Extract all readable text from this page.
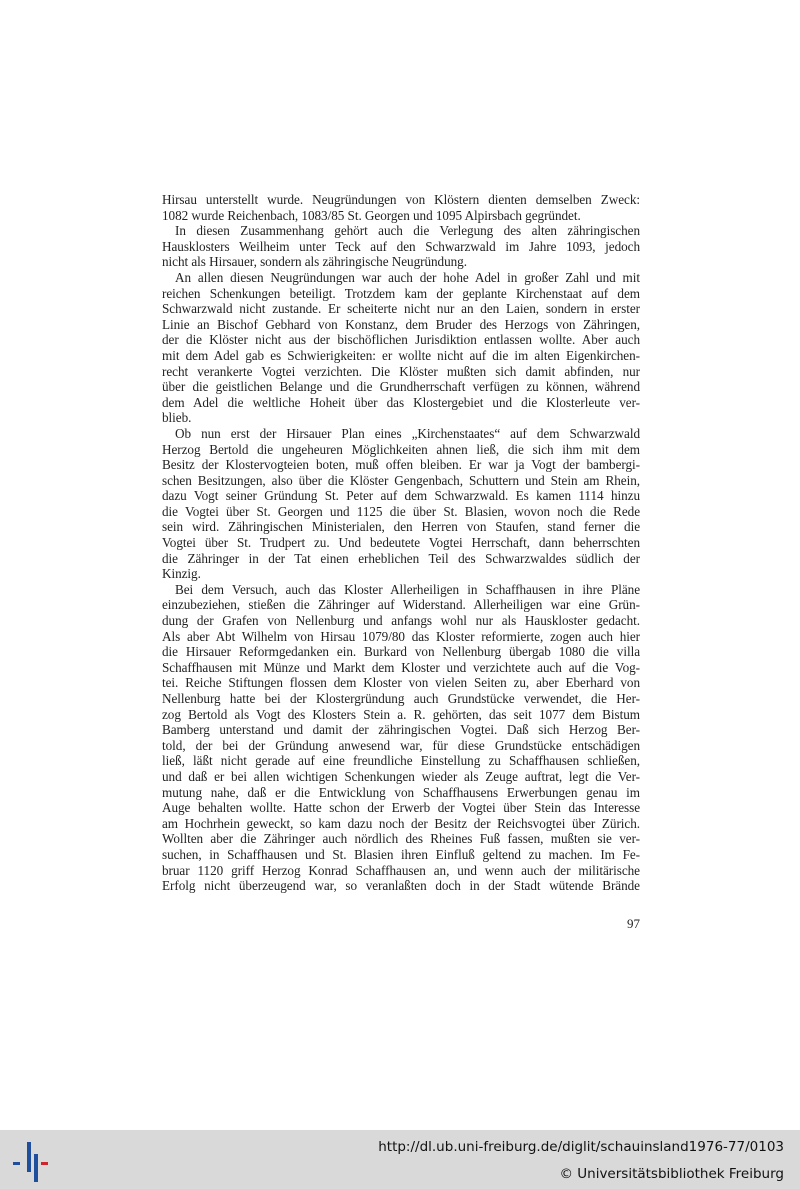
Hirsau unterstellt wurde. Neugründungen von Klöstern dienten demselben Zweck:
1082 wurde Reichenbach, 1083/85 St. Georgen und 1095 Alpirsbach gegründet.
In diesen Zusammenhang gehört auch die Verlegung des alten zähringischen
Hausklosters Weilheim unter Teck auf den Schwarzwald im Jahre 1093, jedoch
nicht als Hirsauer, sondern als zähringische Neugründung.
An allen diesen Neugründungen war auch der hohe Adel in großer Zahl und mit
reichen Schenkungen beteiligt. Trotzdem kam der geplante Kirchenstaat auf dem
Schwarzwald nicht zustande. Er scheiterte nicht nur an den Laien, sondern in erster
Linie an Bischof Gebhard von Konstanz, dem Bruder des Herzogs von Zähringen,
der die Klöster nicht aus der bischöflichen Jurisdiktion entlassen wollte. Aber auch
mit dem Adel gab es Schwierigkeiten: er wollte nicht auf die im alten Eigenkirchen-
recht verankerte Vogtei verzichten. Die Klöster mußten sich damit abfinden, nur
über die geistlichen Belange und die Grundherrschaft verfügen zu können, während
dem Adel die weltliche Hoheit über das Klostergebiet und die Klosterleute ver-
blieb.
Ob nun erst der Hirsauer Plan eines „Kirchenstaates“ auf dem Schwarzwald
Herzog Bertold die ungeheuren Möglichkeiten ahnen ließ, die sich ihm mit dem
Besitz der Klostervogteien boten, muß offen bleiben. Er war ja Vogt der bambergi-
schen Besitzungen, also über die Klöster Gengenbach, Schuttern und Stein am Rhein,
dazu Vogt seiner Gründung St. Peter auf dem Schwarzwald. Es kamen 1114 hinzu
die Vogtei über St. Georgen und 1125 die über St. Blasien, wovon noch die Rede
sein wird. Zähringischen Ministerialen, den Herren von Staufen, stand ferner die
Vogtei über St. Trudpert zu. Und bedeutete Vogtei Herrschaft, dann beherrschten
die Zähringer in der Tat einen erheblichen Teil des Schwarzwaldes südlich der
Kinzig.
Bei dem Versuch, auch das Kloster Allerheiligen in Schaffhausen in ihre Pläne
einzubeziehen, stießen die Zähringer auf Widerstand. Allerheiligen war eine Grün-
dung der Grafen von Nellenburg und anfangs wohl nur als Hauskloster gedacht.
Als aber Abt Wilhelm von Hirsau 1079/80 das Kloster reformierte, zogen auch hier
die Hirsauer Reformgedanken ein. Burkard von Nellenburg übergab 1080 die villa
Schaffhausen mit Münze und Markt dem Kloster und verzichtete auch auf die Vog-
tei. Reiche Stiftungen flossen dem Kloster von vielen Seiten zu, aber Eberhard von
Nellenburg hatte bei der Klostergründung auch Grundstücke verwendet, die Her-
zog Bertold als Vogt des Klosters Stein a. R. gehörten, das seit 1077 dem Bistum
Bamberg unterstand und damit der zähringischen Vogtei. Daß sich Herzog Ber-
told, der bei der Gründung anwesend war, für diese Grundstücke entschädigen
ließ, läßt nicht gerade auf eine freundliche Einstellung zu Schaffhausen schließen,
und daß er bei allen wichtigen Schenkungen wieder als Zeuge auftrat, legt die Ver-
mutung nahe, daß er die Entwicklung von Schaffhausens Erwerbungen genau im
Auge behalten wollte. Hatte schon der Erwerb der Vogtei über Stein das Interesse
am Hochrhein geweckt, so kam dazu noch der Besitz der Reichsvogtei über Zürich.
Wollten aber die Zähringer auch nördlich des Rheines Fuß fassen, mußten sie ver-
suchen, in Schaffhausen und St. Blasien ihren Einfluß geltend zu machen. Im Fe-
bruar 1120 griff Herzog Konrad Schaffhausen an, und wenn auch der militärische
Erfolg nicht überzeugend war, so veranlaßten doch in der Stadt wütende Brände
97
http://dl.ub.uni-freiburg.de/diglit/schauinsland1976-77/0103
© Universitätsbibliothek Freiburg
